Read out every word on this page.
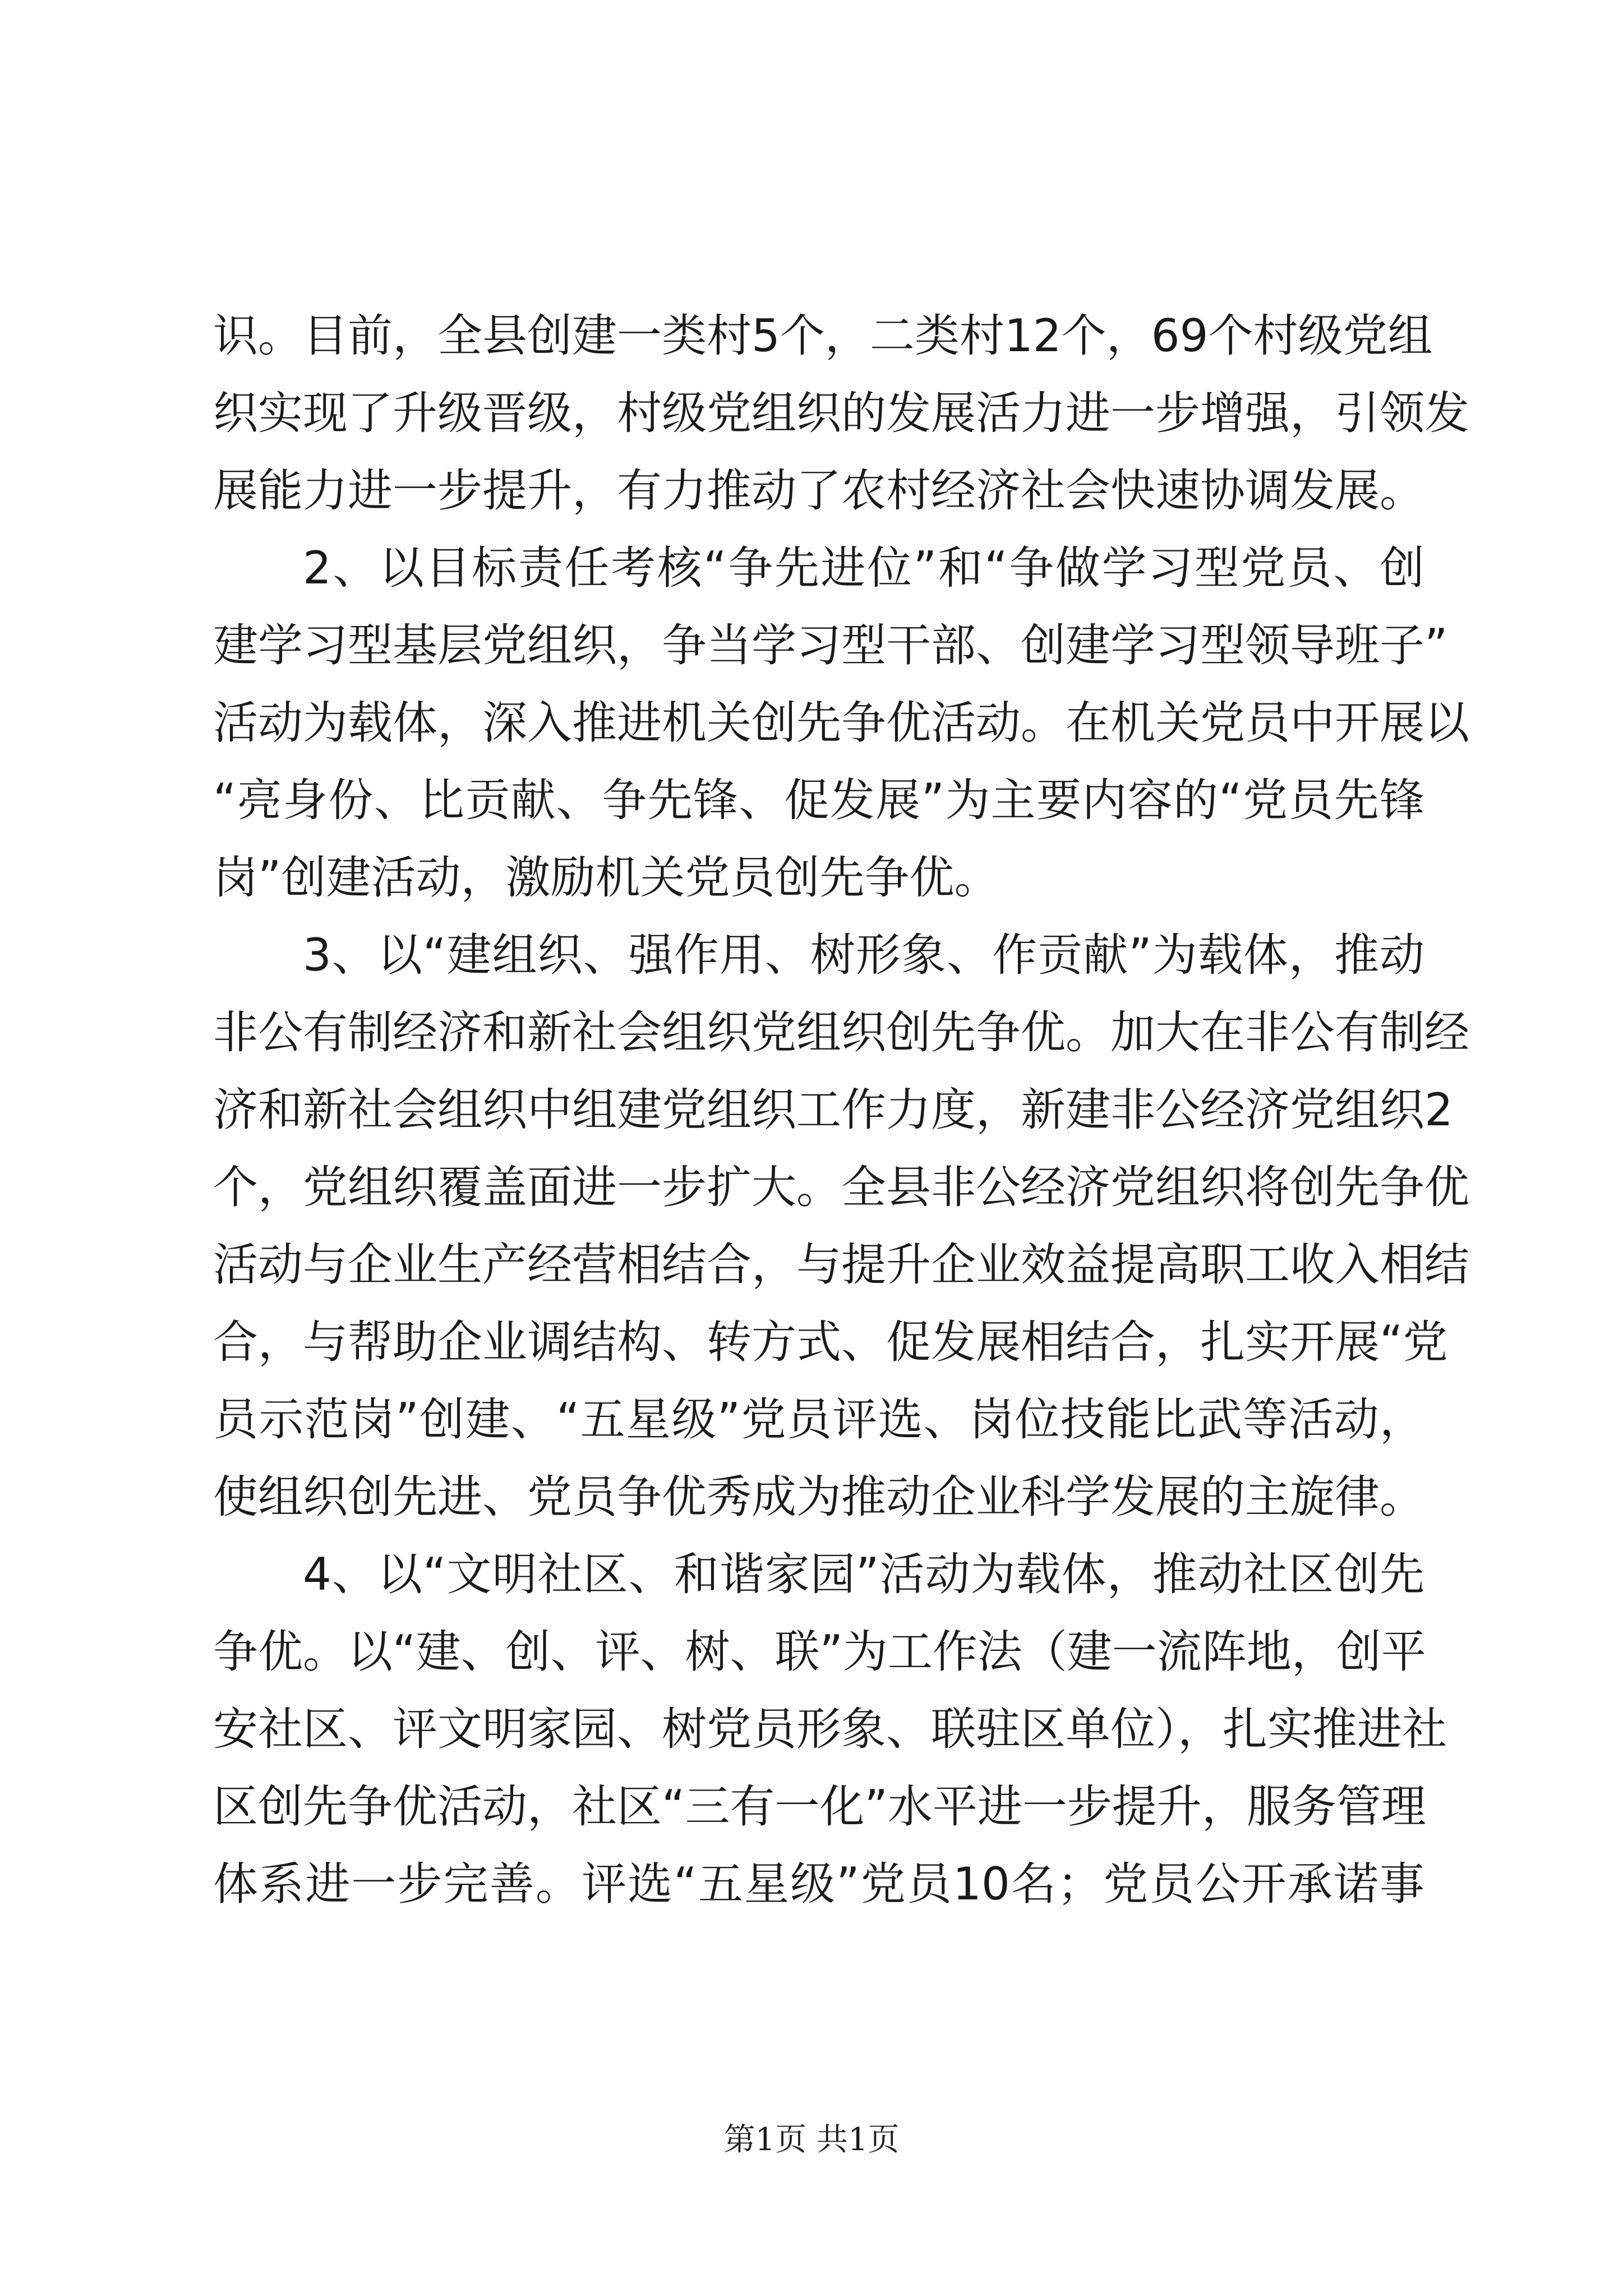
识。目前，全县创建一类村5个，二类村12个，69个村级党组
织实现了升级晋级，村级党组织的发展活力进一步增强，引领发
展能力进一步提升，有力推动了农村经济社会快速协调发展。
2、以目标责任考核“争先进位”和“争做学习型党员、创
建学习型基层党组织，争当学习型干部、创建学习型领导班子”
活动为载体，深入推进机关创先争优活动。在机关党员中开展以
“亮身份、比贡献、争先锋、促发展”为主要内容的“党员先锋
岗”创建活动，激励机关党员创先争优。
3、以“建组织、强作用、树形象、作贡献”为载体，推动
非公有制经济和新社会组织党组织创先争优。加大在非公有制经
济和新社会组织中组建党组织工作力度，新建非公经济党组织2
个，党组织覆盖面进一步扩大。全县非公经济党组织将创先争优
活动与企业生产经营相结合，与提升企业效益提高职工收入相结
合，与帮助企业调结构、转方式、促发展相结合，扎实开展“党
员示范岗”创建、“五星级”党员评选、岗位技能比武等活动，
使组织创先进、党员争优秀成为推动企业科学发展的主旋律。
4、以“文明社区、和谐家园”活动为载体，推动社区创先
争优。以“建、创、评、树、联”为工作法（建一流阵地，创平
安社区、评文明家园、树党员形象、联驻区单位），扎实推进社
区创先争优活动，社区“三有一化”水平进一步提升，服务管理
体系进一步完善。评选“五星级”党员10名；党员公开承诺事
第1页 共1页
